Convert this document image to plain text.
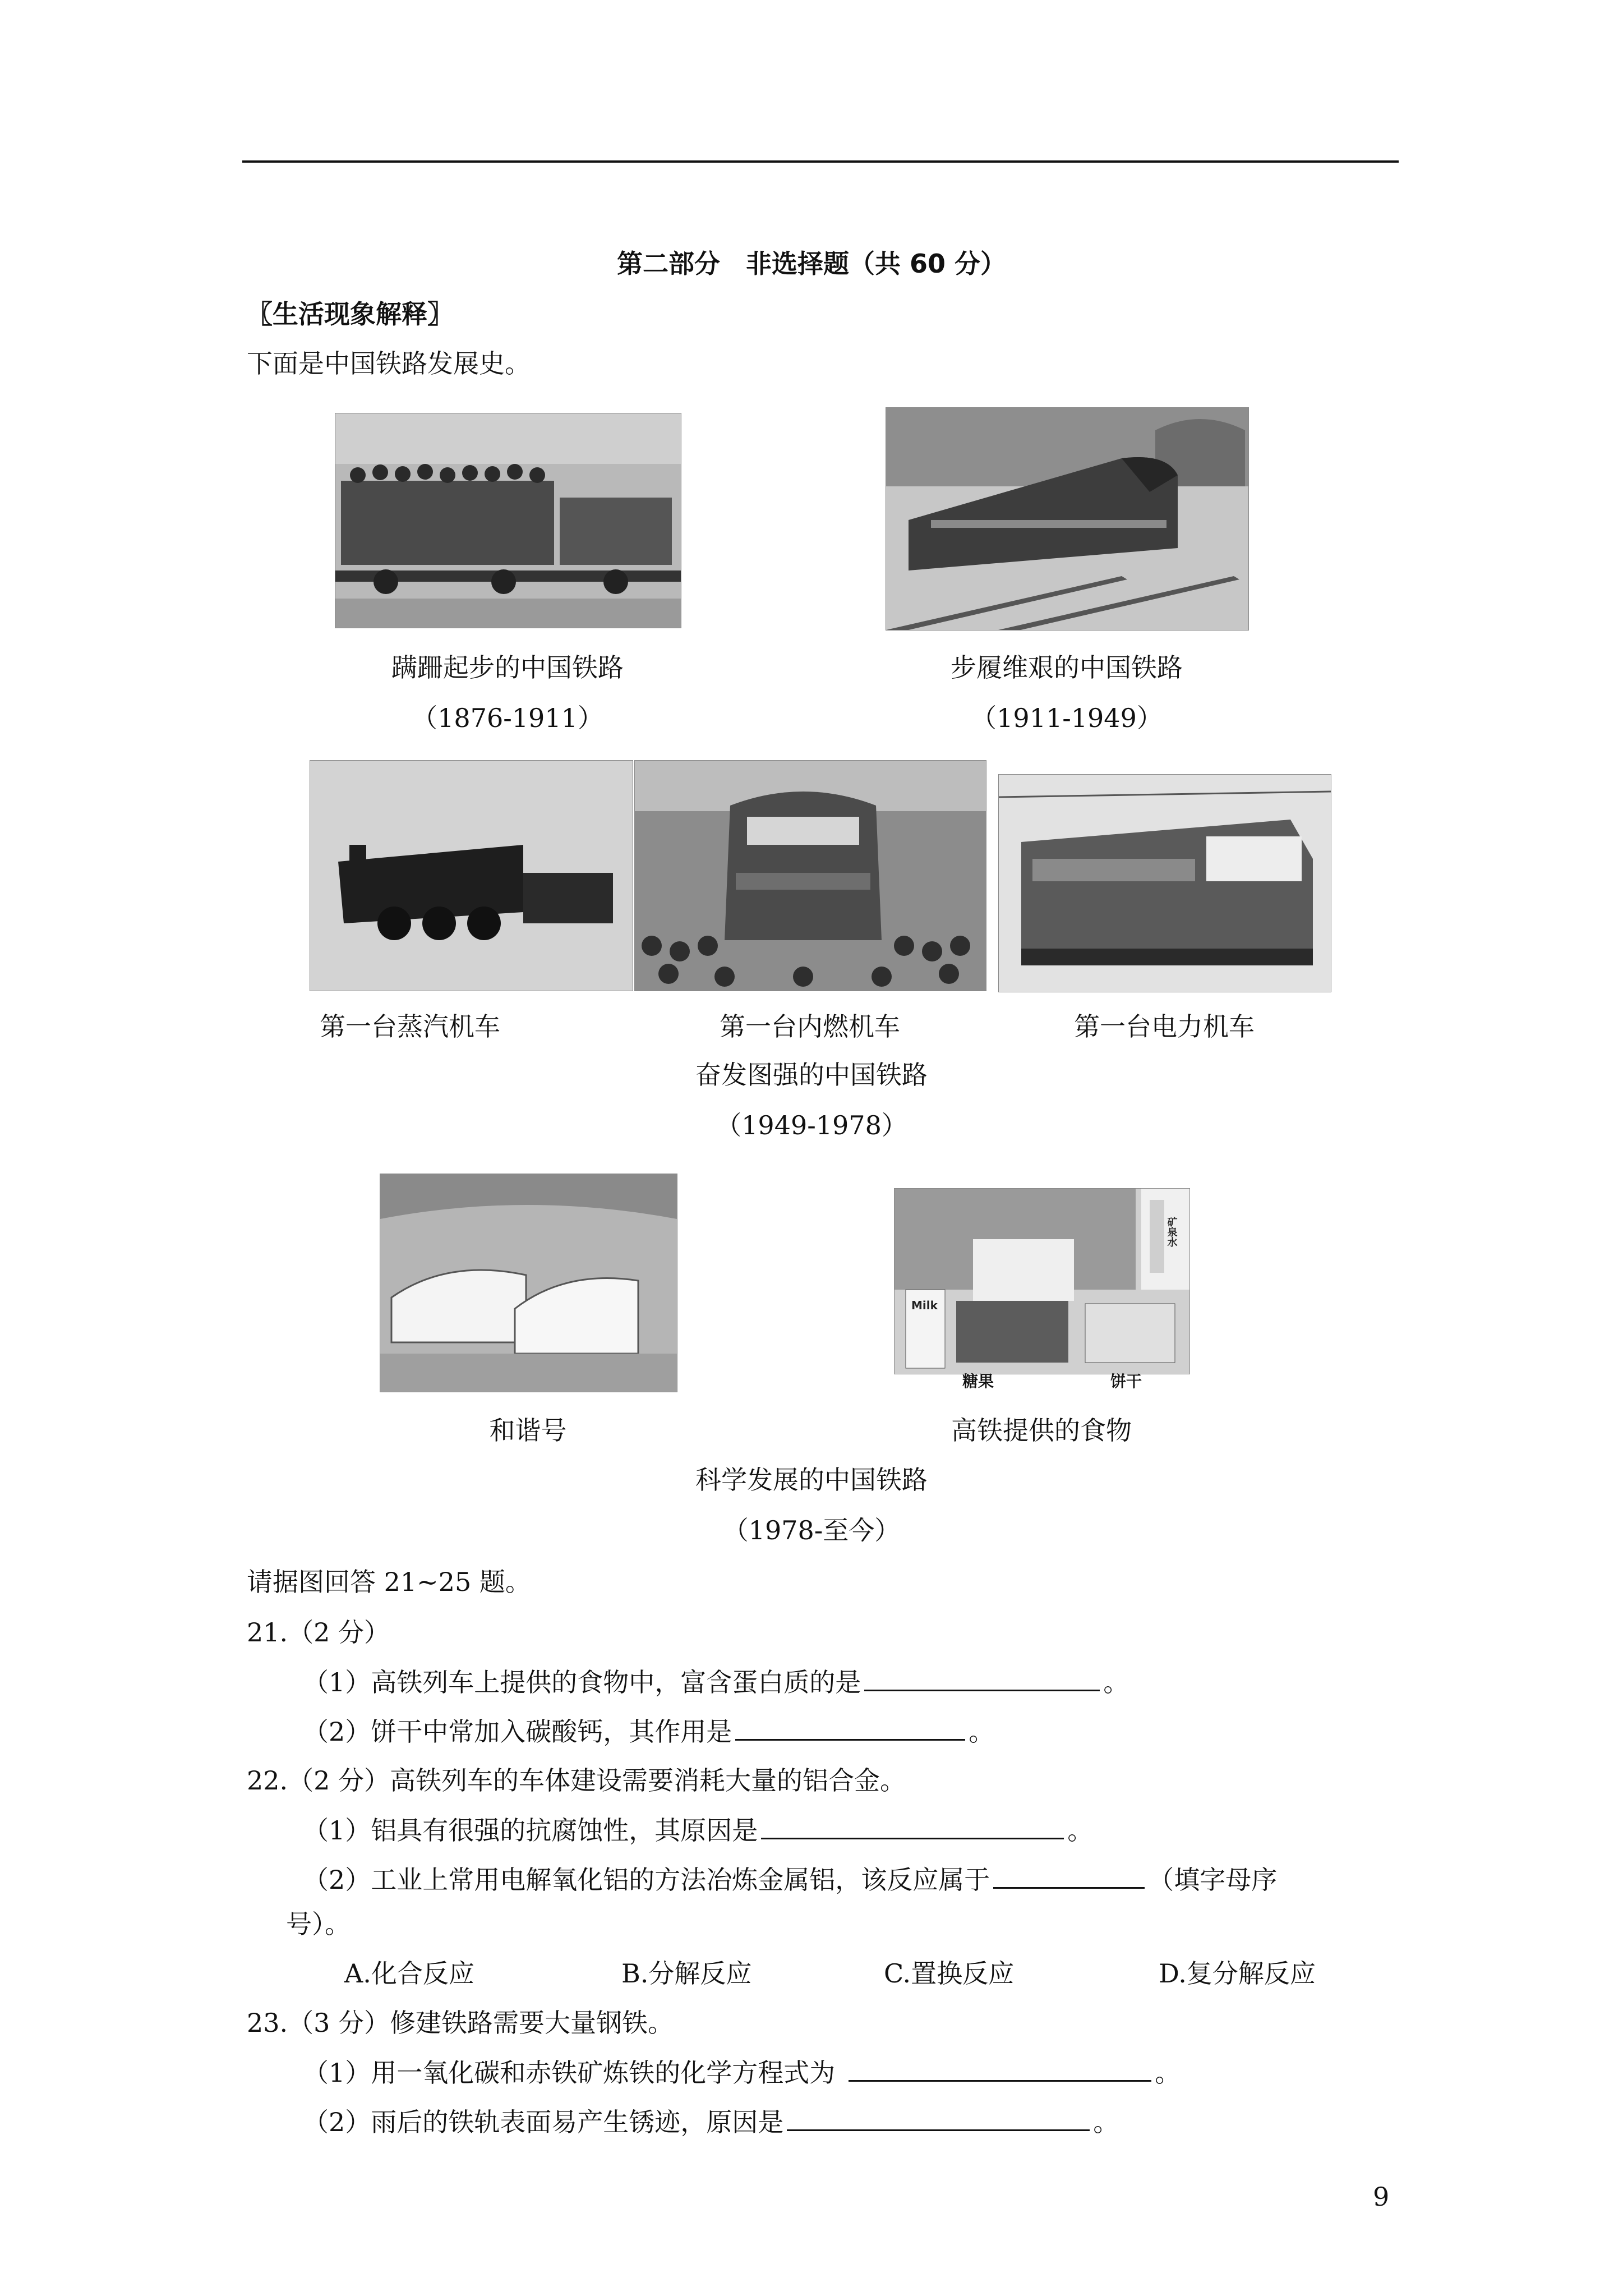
第二部分　非选择题（共 60 分）
〖生活现象解释〗
下面是中国铁路发展史。
蹒跚起步的中国铁路
（1876-1911）
步履维艰的中国铁路
（1911-1949）
第一台蒸汽机车	第一台内燃机车	第一台电力机车
奋发图强的中国铁路
（1949-1978）
和谐号
Milk
矿泉水
糖果	饼干
高铁提供的食物
科学发展的中国铁路
（1978-至今）
请据图回答 21~25 题。
21.（2 分）
（1）高铁列车上提供的食物中，富含蛋白质的是	。
（2）饼干中常加入碳酸钙，其作用是	。
22.（2 分）高铁列车的车体建设需要消耗大量的铝合金。
（1）铝具有很强的抗腐蚀性，其原因是	。
（2）工业上常用电解氧化铝的方法冶炼金属铝，该反应属于	（填字母序
号）。
A.化合反应	B.分解反应	C.置换反应	D.复分解反应
23.（3 分）修建铁路需要大量钢铁。
（1）用一氧化碳和赤铁矿炼铁的化学方程式为	。
（2）雨后的铁轨表面易产生锈迹，原因是	。
9
